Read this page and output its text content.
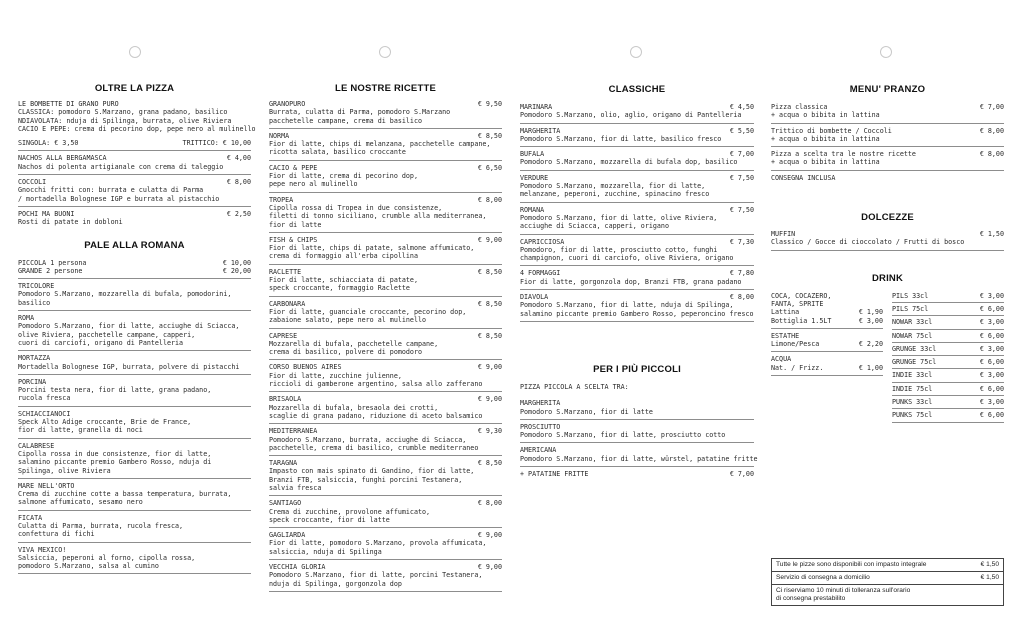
OLTRE LA PIZZA
LE BOMBETTE DI GRANO PURO
CLASSICA: pomodoro S.Marzano, grana padano, basilico
NDIAVOLATA: nduja di Spilinga, burrata, olive Riviera
CACIO E PEPE: crema di pecorino dop, pepe nero al mulinello
SINGOLA: € 3,50	TRITTICO: € 10,00
NACHOS ALLA BERGAMASCA	€ 4,00
Nachos di polenta artigianale con crema di taleggio
COCCOLI	€ 8,00
Gnocchi fritti con: burrata e culatta di Parma
/ mortadella Bolognese IGP e burrata al pistacchio
POCHI MA BUONI	€ 2,50
Rosti di patate in dobloni
PALE ALLA ROMANA
PICCOLA 1 persona	€ 10,00
GRANDE 2 persone	€ 20,00
TRICOLORE
Pomodoro S.Marzano, mozzarella di bufala, pomodorini,
basilico
ROMA
Pomodoro S.Marzano, fior di latte, acciughe di Sciacca,
olive Riviera, pacchetelle campane, capperi,
cuori di carciofi, origano di Pantelleria
MORTAZZA
Mortadella Bolognese IGP, burrata, polvere di pistacchi
PORCINA
Porcini testa nera, fior di latte, grana padano,
rucola fresca
SCHIACCIANOCI
Speck Alto Adige croccante, Brie de France,
fior di latte, granella di noci
CALABRESE
Cipolla rossa in due consistenze, fior di latte,
salamino piccante premio Gambero Rosso, nduja di
Spilinga, olive Riviera
MARE NELL'ORTO
Crema di zucchine cotte a bassa temperatura, burrata,
salmone affumicato, sesamo nero
FICATA
Culatta di Parma, burrata, rucola fresca,
confettura di fichi
VIVA MEXICO!
Salsiccia, peperoni al forno, cipolla rossa,
pomodoro S.Marzano, salsa al cumino
LE NOSTRE RICETTE
GRANOPURO	€ 9,50
Burrata, culatta di Parma, pomodoro S.Marzano
pacchetelle campane, crema di basilico
NORMA	€ 8,50
Fior di latte, chips di melanzana, pacchetelle campane,
ricotta salata, basilico croccante
CACIO & PEPE	€ 6,50
Fior di latte, crema di pecorino dop,
pepe nero al mulinello
TROPEA	€ 8,00
Cipolla rossa di Tropea in due consistenze,
filetti di tonno siciliano, crumble alla mediterranea,
fior di latte
FISH & CHIPS	€ 9,00
Fior di latte, chips di patate, salmone affumicato,
crema di formaggio all'erba cipollina
RACLETTE	€ 8,50
Fior di latte, schiacciata di patate,
speck croccante, formaggio Raclette
CARBONARA	€ 8,50
Fior di latte, guanciale croccante, pecorino dop,
zabaione salato, pepe nero al mulinello
CAPRESE	€ 8,50
Mozzarella di bufala, pacchetelle campane,
crema di basilico, polvere di pomodoro
CORSO BUENOS AIRES	€ 9,00
Fior di latte, zucchine julienne,
riccioli di gamberone argentino, salsa allo zafferano
BRISAOLA	€ 9,00
Mozzarella di bufala, bresaola dei crotti,
scaglie di grana padano, riduzione di aceto balsamico
MEDITERRANEA	€ 9,30
Pomodoro S.Marzano, burrata, acciughe di Sciacca,
pacchetelle, crema di basilico, crumble mediterraneo
TARAGNA	€ 8,50
Impasto con mais spinato di Gandino, fior di latte,
Branzi FTB, salsiccia, funghi porcini Testanera,
salvia fresca
SANTIAGO	€ 8,00
Crema di zucchine, provolone affumicato,
speck croccante, fior di latte
GAGLIARDA	€ 9,00
Fior di latte, pomodoro S.Marzano, provola affumicata,
salsiccia, nduja di Spilinga
VECCHIA GLORIA	€ 9,00
Pomodoro S.Marzano, fior di latte, porcini Testanera,
nduja di Spilinga, gorgonzola dop
CLASSICHE
MARINARA	€ 4,50
Pomodoro S.Marzano, olio, aglio, origano di Pantelleria
MARGHERITA	€ 5,50
Pomodoro S.Marzano, fior di latte, basilico fresco
BUFALA	€ 7,00
Pomodoro S.Marzano, mozzarella di bufala dop, basilico
VERDURE	€ 7,50
Pomodoro S.Marzano, mozzarella, fior di latte,
melanzane, peperoni, zucchine, spinacino fresco
ROMANA	€ 7,50
Pomodoro S.Marzano, fior di latte, olive Riviera,
acciughe di Sciacca, capperi, origano
CAPRICCIOSA	€ 7,30
Pomodoro, fior di latte, prosciutto cotto, funghi
champignon, cuori di carciofo, olive Riviera, origano
4 FORMAGGI	€ 7,80
Fior di latte, gorgonzola dop, Branzi FTB, grana padano
DIAVOLA	€ 8,00
Pomodoro S.Marzano, fior di latte, nduja di Spilinga,
salamino piccante premio Gambero Rosso, peperoncino fresco
PER I PIÙ PICCOLI
PIZZA PICCOLA A SCELTA TRA:
MARGHERITA
Pomodoro S.Marzano, fior di latte
PROSCIUTTO
Pomodoro S.Marzano, fior di latte, prosciutto cotto
AMERICANA
Pomodoro S.Marzano, fior di latte, würstel, patatine fritte
+ PATATINE FRITTE	€ 7,00
MENU' PRANZO
Pizza classica	€ 7,00
+ acqua o bibita in lattina
Trittico di bombette / Coccoli	€ 8,00
+ acqua o bibita in lattina
Pizza a scelta tra le nostre ricette	€ 8,00
+ acqua o bibita in lattina
CONSEGNA INCLUSA
DOLCEZZE
MUFFIN	€ 1,50
Classico / Gocce di cioccolato / Frutti di bosco
DRINK
COCA, COCAZERO,
FANTA, SPRITE
Lattina	€ 1,90
Bottiglia 1.5LT	€ 3,00
ESTATHE
Limone/Pesca	€ 2,20
ACQUA
Nat. / Frizz.	€ 1,00
PILS 33cl	€ 3,00
PILS 75cl	€ 6,00
NOWAR 33cl	€ 3,00
NOWAR 75cl	€ 6,00
GRUNGE 33cl	€ 3,00
GRUNGE 75cl	€ 6,00
INDIE 33cl	€ 3,00
INDIE 75cl	€ 6,00
PUNKS 33cl	€ 3,00
PUNKS 75cl	€ 6,00
Tutte le pizze sono disponibili con impasto integrale	€ 1,50
Servizio di consegna a domicilio	€ 1,50
Ci riserviamo 10 minuti di tolleranza sull'orario
di consegna prestabilito
